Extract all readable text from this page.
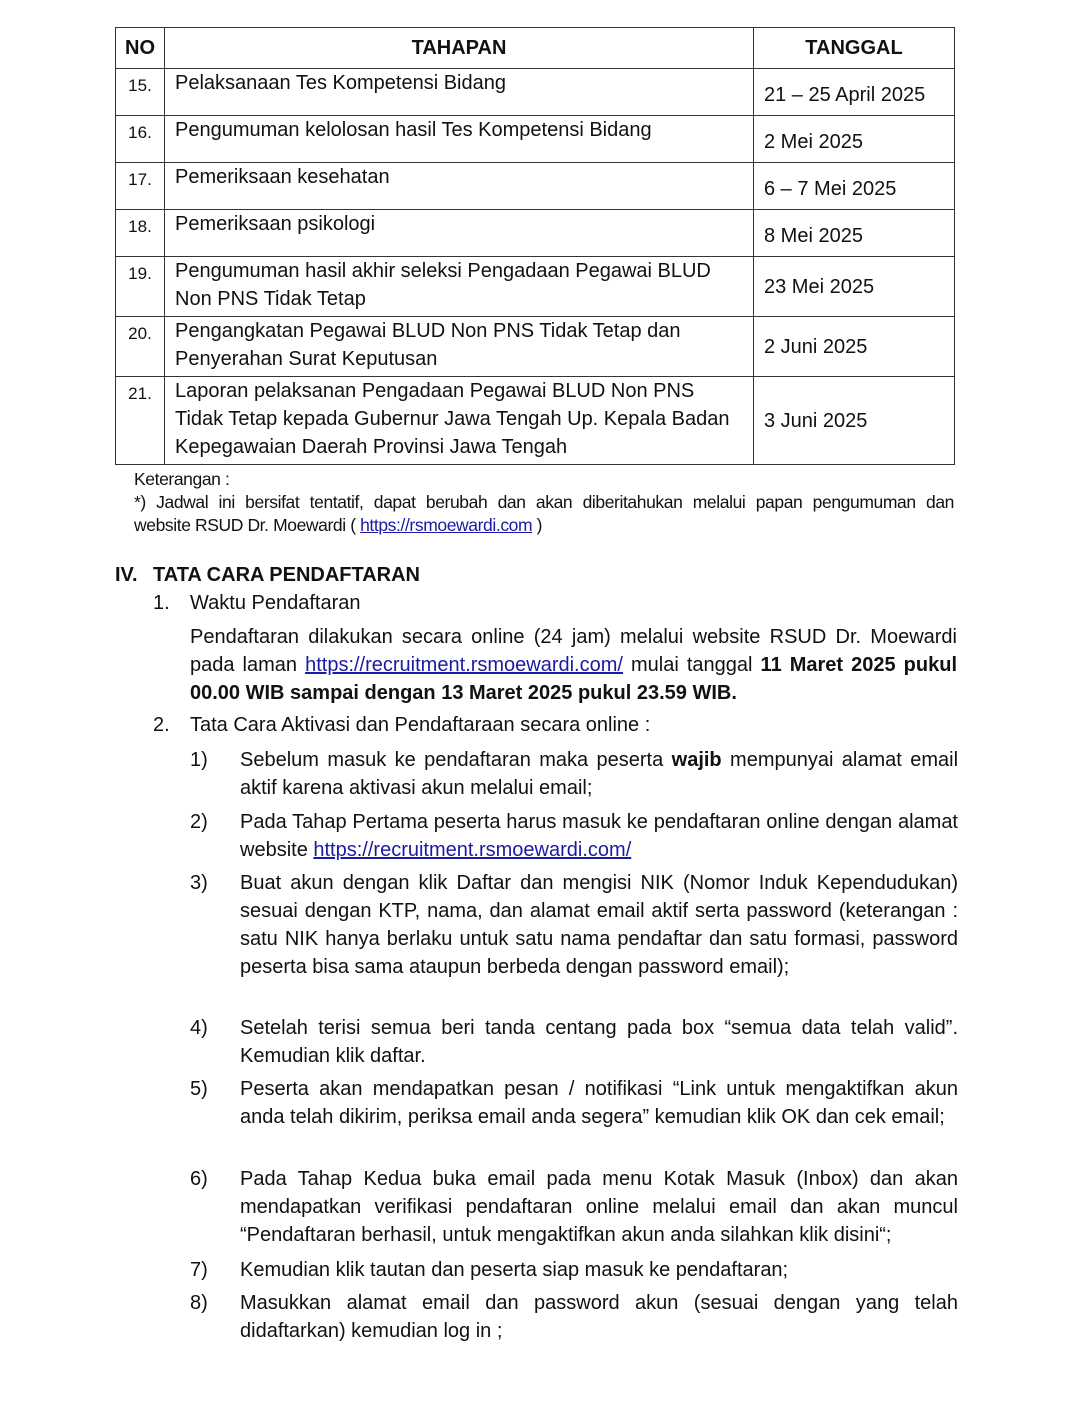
NO	TAHAPAN	TANGGAL
15.	Pelaksanaan Tes Kompetensi Bidang	21 – 25 April 2025
16.	Pengumuman kelolosan hasil Tes Kompetensi Bidang	2 Mei 2025
17.	Pemeriksaan kesehatan	6 – 7 Mei 2025
18.	Pemeriksaan psikologi	8 Mei 2025
19.	Pengumuman hasil akhir seleksi Pengadaan Pegawai BLUD Non PNS Tidak Tetap	23 Mei 2025
20.	Pengangkatan Pegawai BLUD Non PNS Tidak Tetap dan Penyerahan Surat Keputusan	2 Juni 2025
21.	Laporan pelaksanan Pengadaan Pegawai BLUD Non PNS Tidak Tetap kepada Gubernur Jawa Tengah Up. Kepala Badan Kepegawaian Daerah Provinsi Jawa Tengah	3 Juni 2025
Keterangan :
*) Jadwal ini bersifat tentatif, dapat berubah dan akan diberitahukan melalui papan pengumuman dan
website RSUD Dr. Moewardi ( https://rsmoewardi.com )
IV. TATA CARA PENDAFTARAN
1. Waktu Pendaftaran
Pendaftaran dilakukan secara online (24 jam) melalui website RSUD Dr. Moewardi pada laman https://recruitment.rsmoewardi.com/ mulai tanggal 11 Maret 2025 pukul 00.00 WIB sampai dengan 13 Maret 2025 pukul 23.59 WIB.
2. Tata Cara Aktivasi dan Pendaftaraan secara online :
1)	Sebelum masuk ke pendaftaran maka peserta wajib mempunyai alamat email aktif karena aktivasi akun melalui email;
2)	Pada Tahap Pertama peserta harus masuk ke pendaftaran online dengan alamat website https://recruitment.rsmoewardi.com/
3)	Buat akun dengan klik Daftar dan mengisi NIK (Nomor Induk Kependudukan) sesuai dengan KTP, nama, dan alamat email aktif serta password (keterangan : satu NIK hanya berlaku untuk satu nama pendaftar dan satu formasi, password peserta bisa sama ataupun berbeda dengan password email);
4)	Setelah terisi semua beri tanda centang pada box “semua data telah valid”. Kemudian klik daftar.
5)	Peserta akan mendapatkan pesan / notifikasi “Link untuk mengaktifkan akun anda telah dikirim, periksa email anda segera” kemudian klik OK dan cek email;
6)	Pada Tahap Kedua buka email pada menu Kotak Masuk (Inbox) dan akan mendapatkan verifikasi pendaftaran online melalui email dan akan muncul “Pendaftaran berhasil, untuk mengaktifkan akun anda silahkan klik disini“;
7)	Kemudian klik tautan dan peserta siap masuk ke pendaftaran;
8)	Masukkan alamat email dan password akun (sesuai dengan yang telah didaftarkan) kemudian log in ;
